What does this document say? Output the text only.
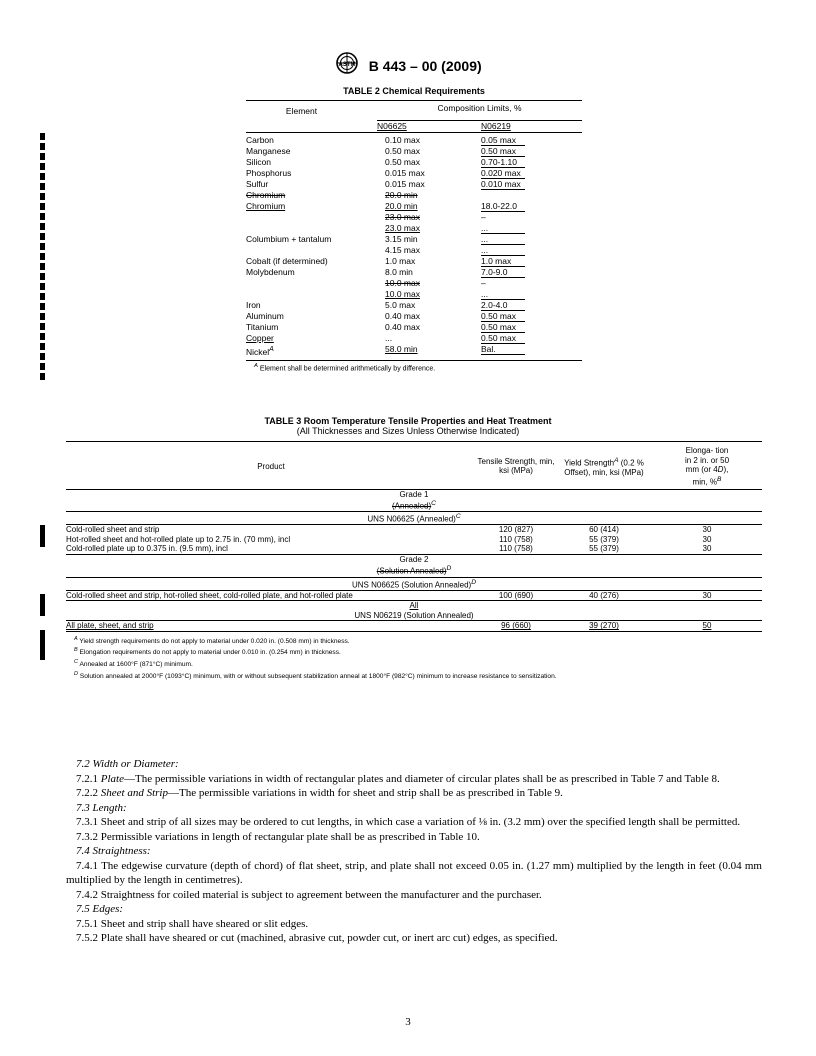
ASTM B 443 – 00 (2009)
TABLE 2 Chemical Requirements
Element	Composition Limits, %	

	N06625	N06219

Carbon	0.10 max	0.05 max
Manganese	0.50 max	0.50 max
Silicon	0.50 max	0.70-1.10
Phosphorus	0.015 max	0.020 max
Sulfur	0.015 max	0.010 max
Chromium	20.0 min	
Chromium	20.0 min	18.0-22.0
	23.0 max	–
	23.0 max	...
Columbium + tantalum	3.15 min	...
	4.15 max	...
Cobalt (if determined)	1.0 max	1.0 max
Molybdenum	8.0 min	7.0-9.0
	10.0 max	–
	10.0 max	...
Iron	5.0 max	2.0-4.0
Aluminum	0.40 max	0.50 max
Titanium	0.40 max	0.50 max
Copper	...	0.50 max
Nickel$^A$	58.0 min	Bal.

$^A$ Element shall be determined arithmetically by difference.		
TABLE 3 Room Temperature Tensile Properties and Heat Treatment
(All Thicknesses and Sizes Unless Otherwise Indicated)
Product	Tensile Strength, min, ksi (MPa)	Yield Strength$^A$ (0.2 % Offset), min, ksi (MPa)	Elonga- tion in 2 in. or 50 mm (or 4D), min, %$^B$
Grade 1			
(Annealed)$^C$
UNS N06625 (Annealed)$^C$
Cold-rolled sheet and strip	120 (827)	60 (414)	30
Hot-rolled sheet and hot-rolled plate up to 2.75 in. (70 mm), incl	110 (758)	55 (379)	30
Cold-rolled plate up to 0.375 in. (9.5 mm), incl	110 (758)	55 (379)	30
Grade 2			
(Solution Annealed)$^D$
UNS N06625 (Solution Annealed)$^D$
Cold-rolled sheet and strip, hot-rolled sheet, cold-rolled plate, and hot-rolled plate	100 (690)	40 (276)	30
All			
UNS N06219 (Solution Annealed)			
All plate, sheet, and strip	96 (660)	39 (270)	50

$^A$ Yield strength requirements do not apply to material under 0.020 in. (0.508 mm) in thickness.			
$^B$ Elongation requirements do not apply to material under 0.010 in. (0.254 mm) in thickness.			
$^C$ Annealed at 1600°F (871°C) minimum.			
$^D$ Solution annealed at 2000°F (1093°C) minimum, with or without subsequent stabilization anneal at 1800°F (982°C) minimum to increase resistance to sensitization.			

7.2 Width or Diameter:

7.2.1 Plate—The permissible variations in width of rectangular plates and diameter of circular plates shall be as prescribed in Table 7 and Table 8.

7.2.2 Sheet and Strip—The permissible variations in width for sheet and strip shall be as prescribed in Table 9.

7.3 Length:

7.3.1 Sheet and strip of all sizes may be ordered to cut lengths, in which case a variation of ⅛ in. (3.2 mm) over the specified length shall be permitted.

7.3.2 Permissible variations in length of rectangular plate shall be as prescribed in Table 10.

7.4 Straightness:

7.4.1 The edgewise curvature (depth of chord) of flat sheet, strip, and plate shall not exceed 0.05 in. (1.27 mm) multiplied by the length in feet (0.04 mm multiplied by the length in centimetres).

7.4.2 Straightness for coiled material is subject to agreement between the manufacturer and the purchaser.

7.5 Edges:

7.5.1 Sheet and strip shall have sheared or slit edges.

7.5.2 Plate shall have sheared or cut (machined, abrasive cut, powder cut, or inert arc cut) edges, as specified.

3
